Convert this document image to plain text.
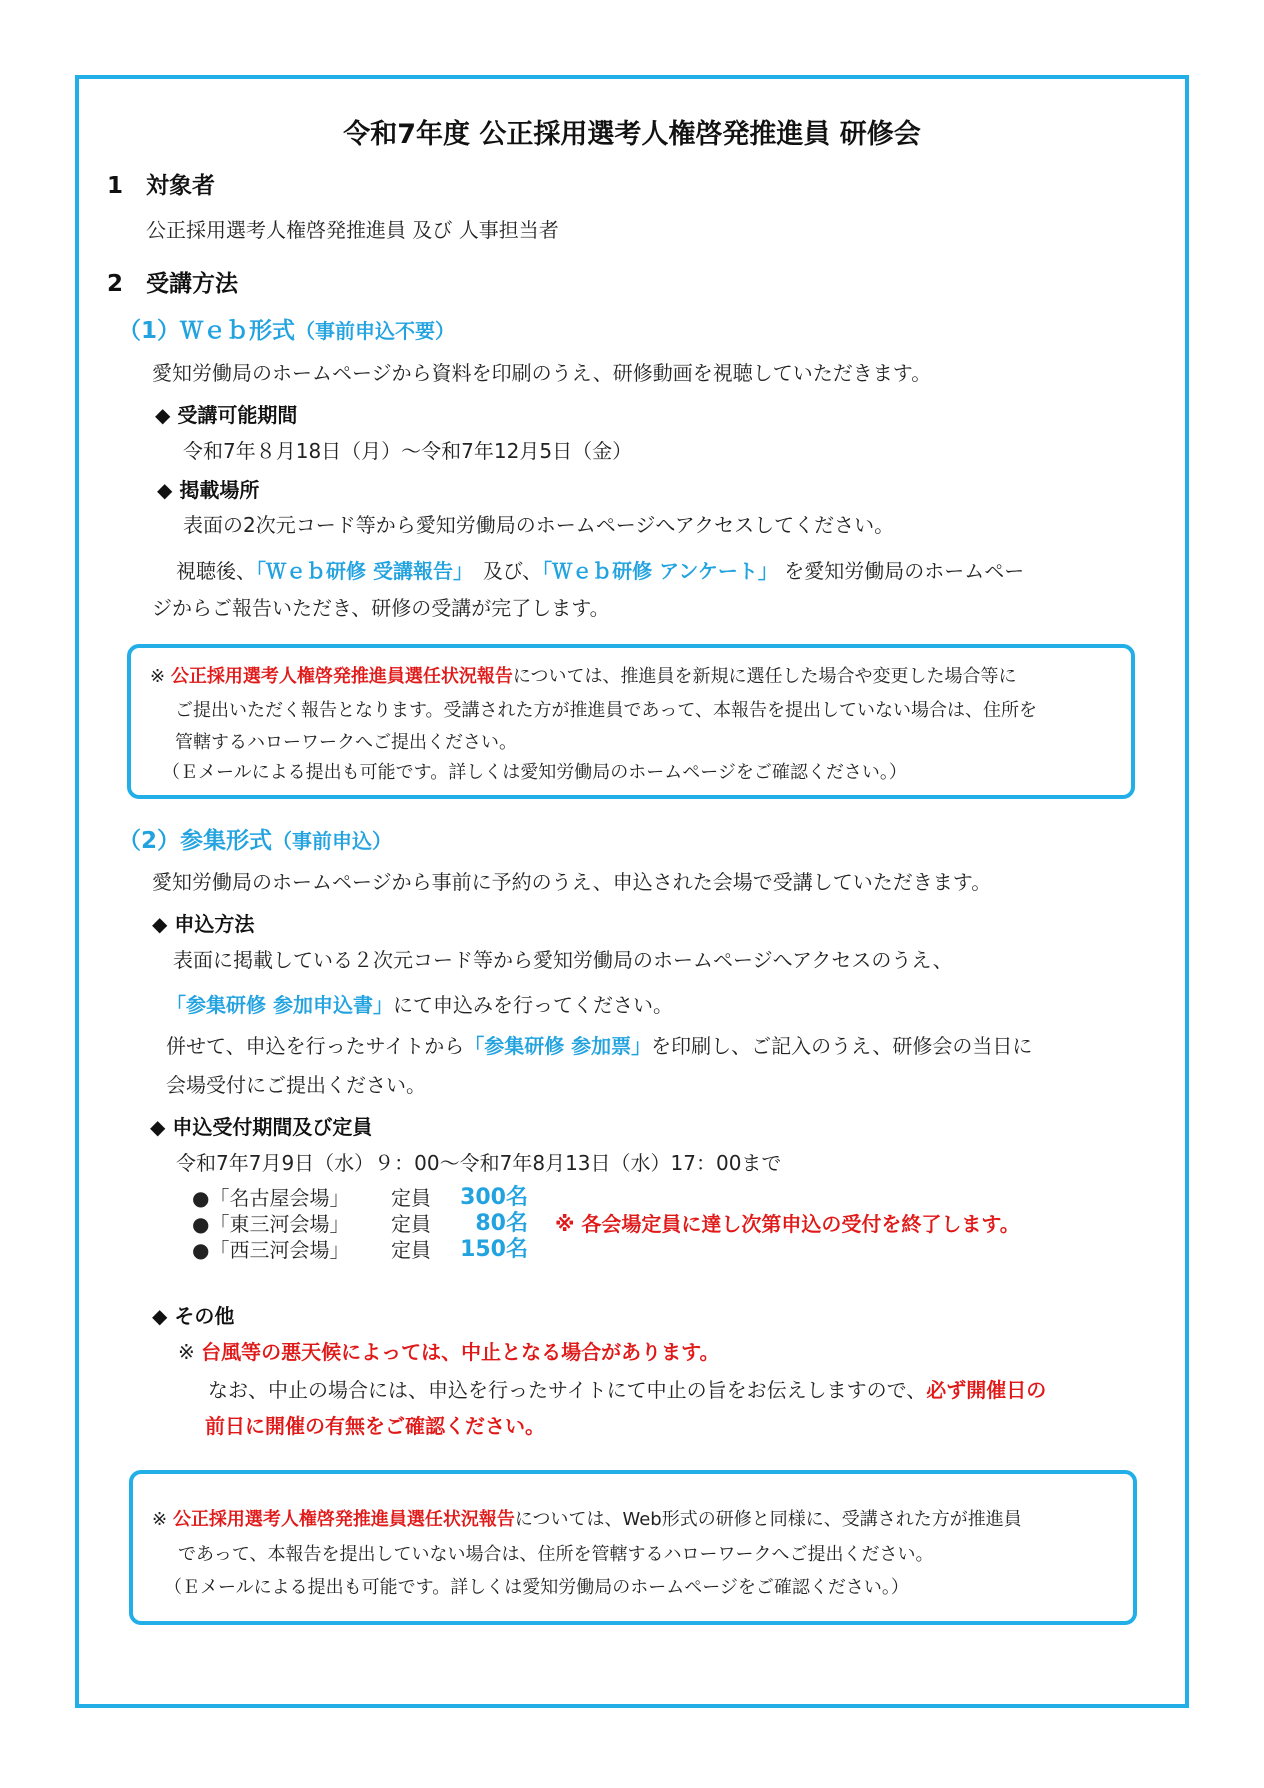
令和7年度 公正採用選考人権啓発推進員 研修会
1　対象者
公正採用選考人権啓発推進員 及び 人事担当者
2　受講方法
（1）Ｗｅｂ形式（事前申込不要）
愛知労働局のホームページから資料を印刷のうえ、研修動画を視聴していただきます。
◆ 受講可能期間
令和7年８月18日（月）～令和7年12月5日（金）
◆ 掲載場所
表面の2次元コード等から愛知労働局のホームページへアクセスしてください。
視聴後、「Ｗｅｂ研修 受講報告」　 及び、「Ｗｅｂ研修 アンケート」 を愛知労働局のホームペー
ジからご報告いただき、研修の受講が完了します。
※ 公正採用選考人権啓発推進員選任状況報告については、推進員を新規に選任した場合や変更した場合等に
ご提出いただく報告となります。受講された方が推進員であって、本報告を提出していない場合は、住所を
管轄するハローワークへご提出ください。
（Ｅメールによる提出も可能です。詳しくは愛知労働局のホームページをご確認ください。）
（2）参集形式（事前申込）
愛知労働局のホームページから事前に予約のうえ、申込された会場で受講していただきます。
◆ 申込方法
表面に掲載している２次元コード等から愛知労働局のホームページへアクセスのうえ、
「参集研修 参加申込書」にて申込みを行ってください。
併せて、申込を行ったサイトから「参集研修 参加票」を印刷し、ご記入のうえ、研修会の当日に
会場受付にご提出ください。
◆ 申込受付期間及び定員
令和7年7月9日（水）９：00～令和7年8月13日（水）17：00まで
●「名古屋会場」 定員 300名
●「東三河会場」 定員	80名 ※ 各会場定員に達し次第申込の受付を終了します。
●「西三河会場」 定員 150名
◆ その他
※ 台風等の悪天候によっては、中止となる場合があります。
なお、中止の場合には、申込を行ったサイトにて中止の旨をお伝えしますので、必ず開催日の
前日に開催の有無をご確認ください。
※ 公正採用選考人権啓発推進員選任状況報告については、Web形式の研修と同様に、受講された方が推進員
であって、本報告を提出していない場合は、住所を管轄するハローワークへご提出ください。
（Ｅメールによる提出も可能です。詳しくは愛知労働局のホームページをご確認ください。）
